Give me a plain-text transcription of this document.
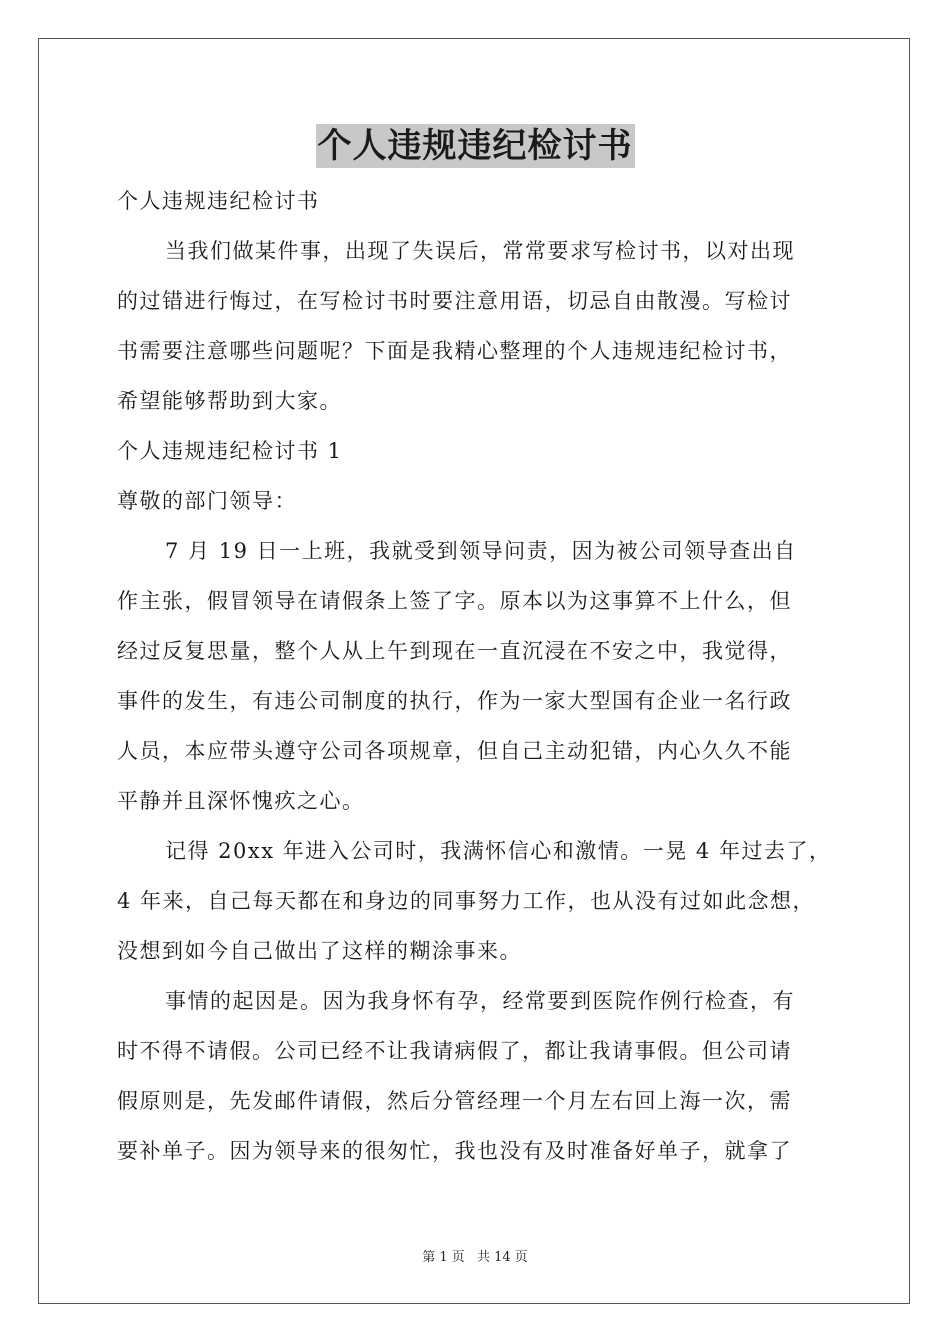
个人违规违纪检讨书

个人违规违纪检讨书

当我们做某件事，出现了失误后，常常要求写检讨书，以对出现

的过错进行悔过，在写检讨书时要注意用语，切忌自由散漫。写检讨

书需要注意哪些问题呢？下面是我精心整理的个人违规违纪检讨书，

希望能够帮助到大家。

个人违规违纪检讨书 1

尊敬的部门领导：

7 月 19 日一上班，我就受到领导问责，因为被公司领导查出自

作主张，假冒领导在请假条上签了字。原本以为这事算不上什么，但

经过反复思量，整个人从上午到现在一直沉浸在不安之中，我觉得，

事件的发生，有违公司制度的执行，作为一家大型国有企业一名行政

人员，本应带头遵守公司各项规章，但自己主动犯错，内心久久不能

平静并且深怀愧疚之心。

记得 20xx 年进入公司时，我满怀信心和激情。一晃 4 年过去了，

4 年来，自己每天都在和身边的同事努力工作，也从没有过如此念想，

没想到如今自己做出了这样的糊涂事来。

事情的起因是。因为我身怀有孕，经常要到医院作例行检查，有

时不得不请假。公司已经不让我请病假了，都让我请事假。但公司请

假原则是，先发邮件请假，然后分管经理一个月左右回上海一次，需

要补单子。因为领导来的很匆忙，我也没有及时准备好单子，就拿了

第 1 页 共 14 页
